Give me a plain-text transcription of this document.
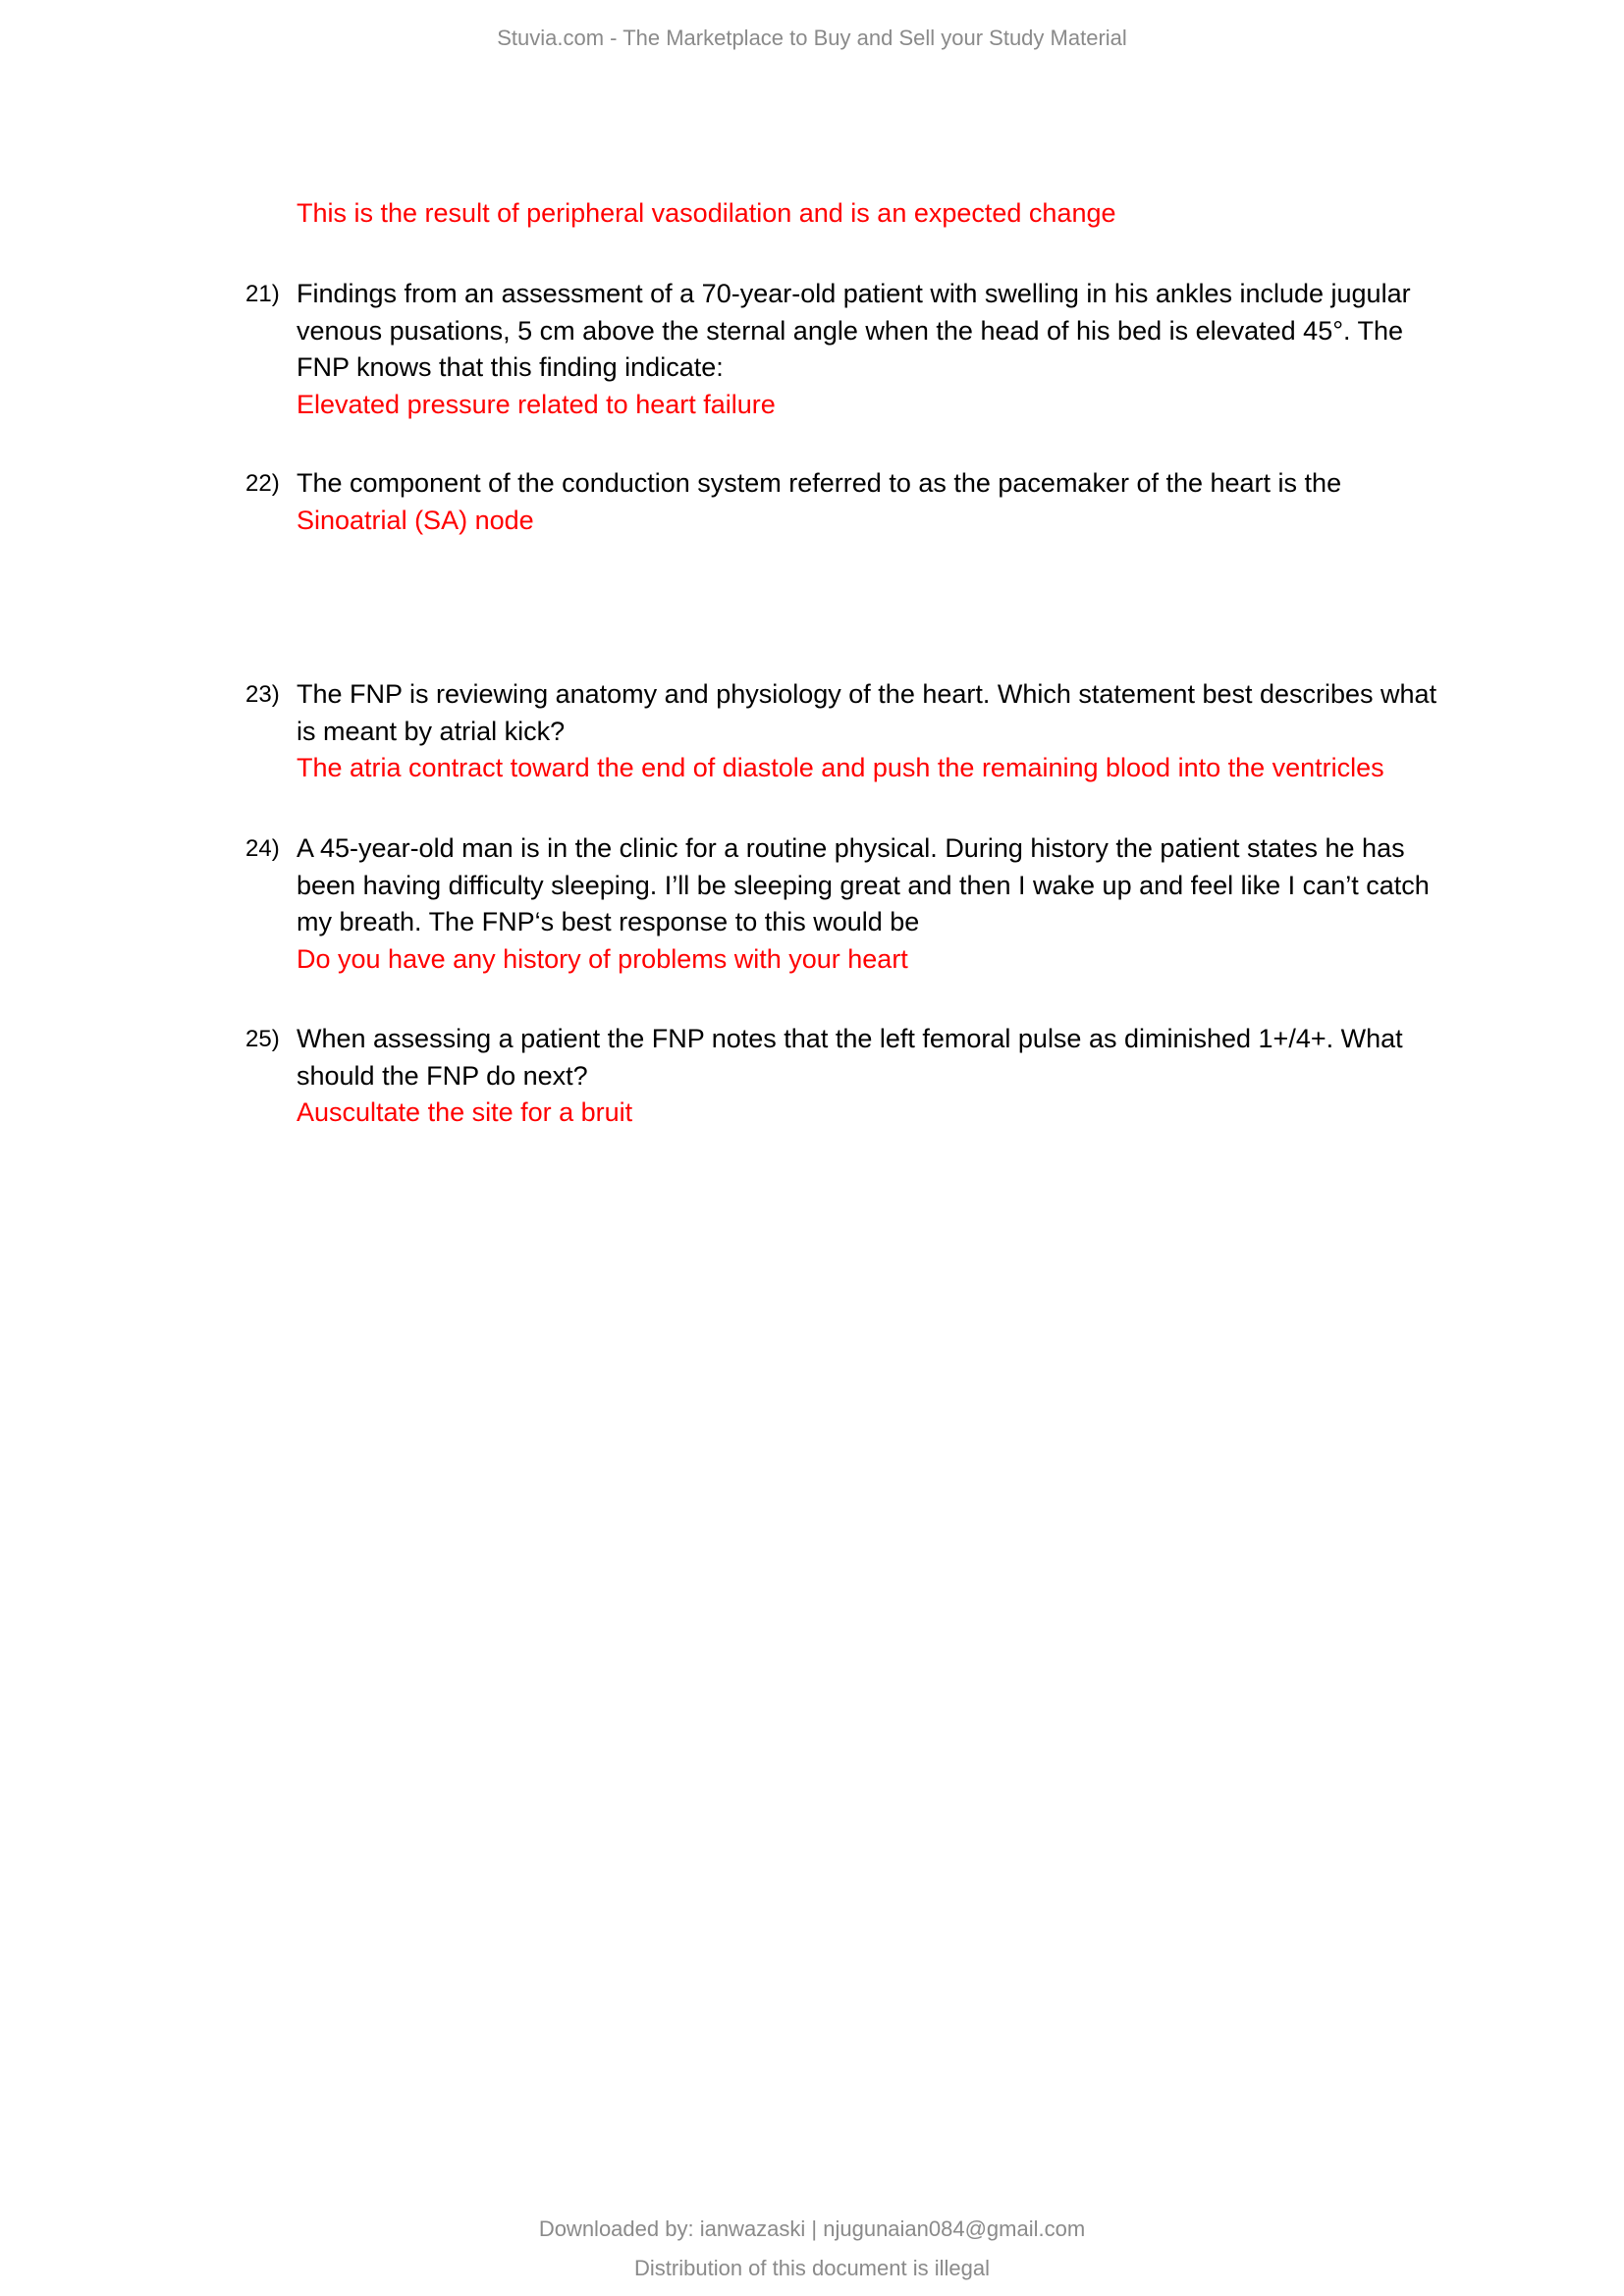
Stuvia.com - The Marketplace to Buy and Sell your Study Material
This is the result of peripheral vasodilation and is an expected change
21) Findings from an assessment of a 70-year-old patient with swelling in his ankles include jugular
venous pusations, 5 cm above the sternal angle when the head of his bed is elevated 45°. The
FNP knows that this finding indicate:
Elevated pressure related to heart failure
22) The component of the conduction system referred to as the pacemaker of the heart is the
Sinoatrial (SA) node
23) The FNP is reviewing anatomy and physiology of the heart. Which statement best describes what
is meant by atrial kick?
The atria contract toward the end of diastole and push the remaining blood into the ventricles
24) A 45-year-old man is in the clinic for a routine physical. During history the patient states he has
been having difficulty sleeping. I’ll be sleeping great and then I wake up and feel like I can’t catch
my breath. The FNP‘s best response to this would be
Do you have any history of problems with your heart
25) When assessing a patient the FNP notes that the left femoral pulse as diminished 1+/4+. What
should the FNP do next?
Auscultate the site for a bruit
Downloaded by: ianwazaski | njugunaian084@gmail.com
Distribution of this document is illegal
